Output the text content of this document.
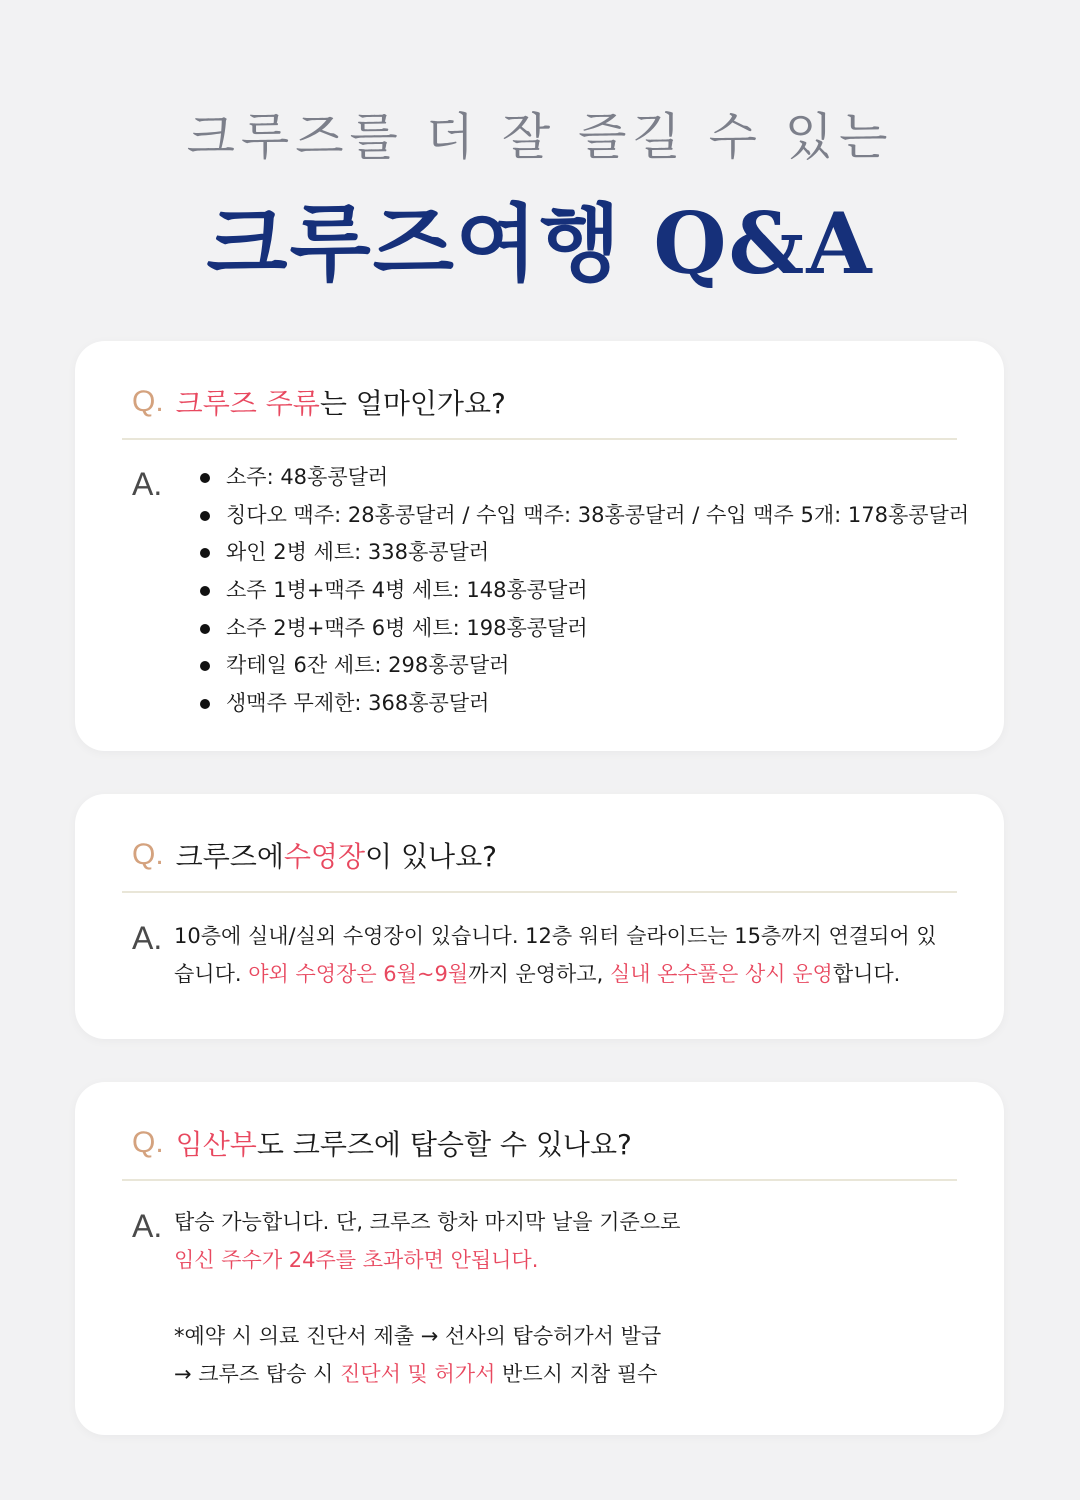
크루즈를 더 잘 즐길 수 있는
크루즈여행 Q&A
Q. 크루즈 주류 는 얼마인가요?
A.	소주: 48홍콩달러
칭다오 맥주: 28홍콩달러 / 수입 맥주: 38홍콩달러 / 수입 맥주 5개: 178홍콩달러
와인 2병 세트: 338홍콩달러
소주 1병+맥주 4병 세트: 148홍콩달러
소주 2병+맥주 6병 세트: 198홍콩달러
칵테일 6잔 세트: 298홍콩달러
생맥주 무제한: 368홍콩달러
Q. 크루즈에 수영장 이 있나요?
A. 10층에 실내/실외 수영장이 있습니다. 12층 워터 슬라이드는 15층까지 연결되어 있
습니다. 야외 수영장은 6월~9월까지 운영하고, 실내 온수풀은 상시 운영합니다.
Q. 임산부 도 크루즈에 탑승할 수 있나요?
A. 탑승 가능합니다. 단, 크루즈 항차 마지막 날을 기준으로
임신 주수가 24주를 초과하면 안됩니다.
*예약 시 의료 진단서 제출 → 선사의 탑승허가서 발급
→ 크루즈 탑승 시 진단서 및 허가서 반드시 지참 필수
